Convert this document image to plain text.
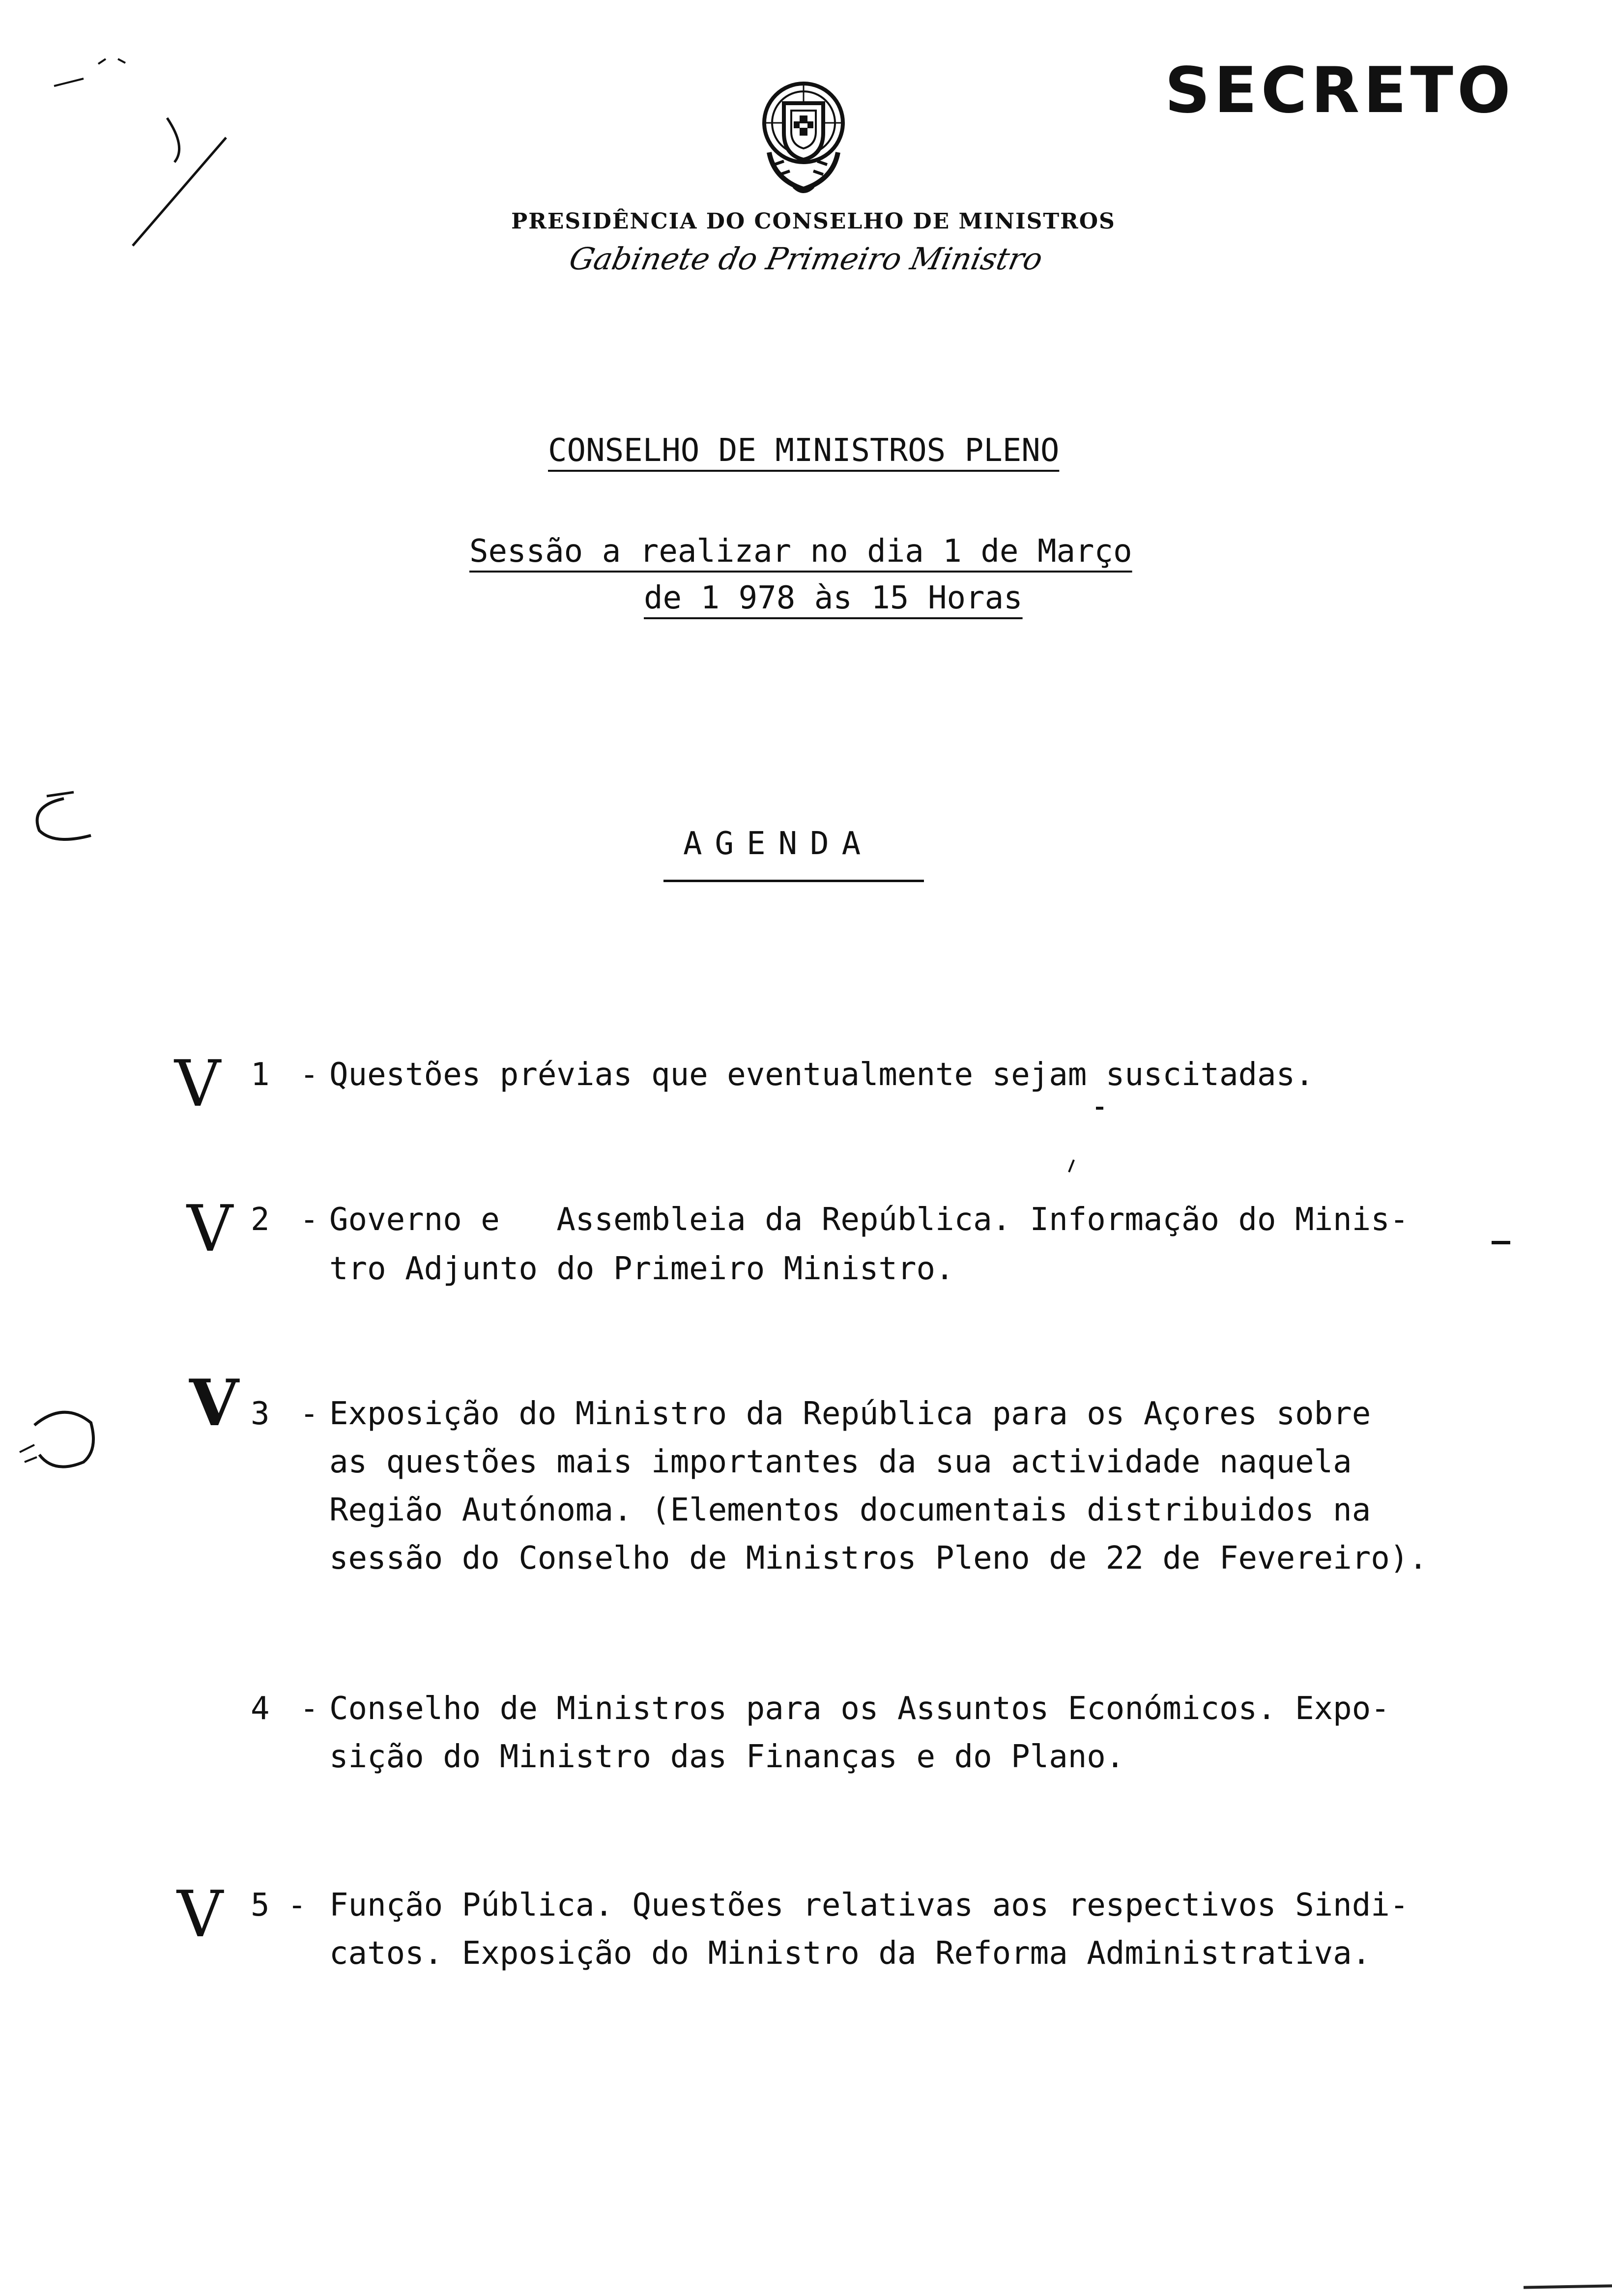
SECRETO
PRESIDÊNCIA DO CONSELHO DE MINISTROS
Gabinete do Primeiro Ministro
CONSELHO DE MINISTROS PLENO
Sessão a realizar no dia 1 de Março
de 1 978 às 15 Horas
AGENDA
V 1 - Questões prévias que eventualmente sejam suscitadas.
V 2 - Governo e   Assembleia da República. Informação do Minis-
tro Adjunto do Primeiro Ministro.
V 3 - Exposição do Ministro da República para os Açores sobre
as questões mais importantes da sua actividade naquela
Região Autónoma. (Elementos documentais distribuidos na
sessão do Conselho de Ministros Pleno de 22 de Fevereiro).
4 - Conselho de Ministros para os Assuntos Económicos. Expo-
sição do Ministro das Finanças e do Plano.
V 5 - Função Pública. Questões relativas aos respectivos Sindi-
catos. Exposição do Ministro da Reforma Administrativa.
